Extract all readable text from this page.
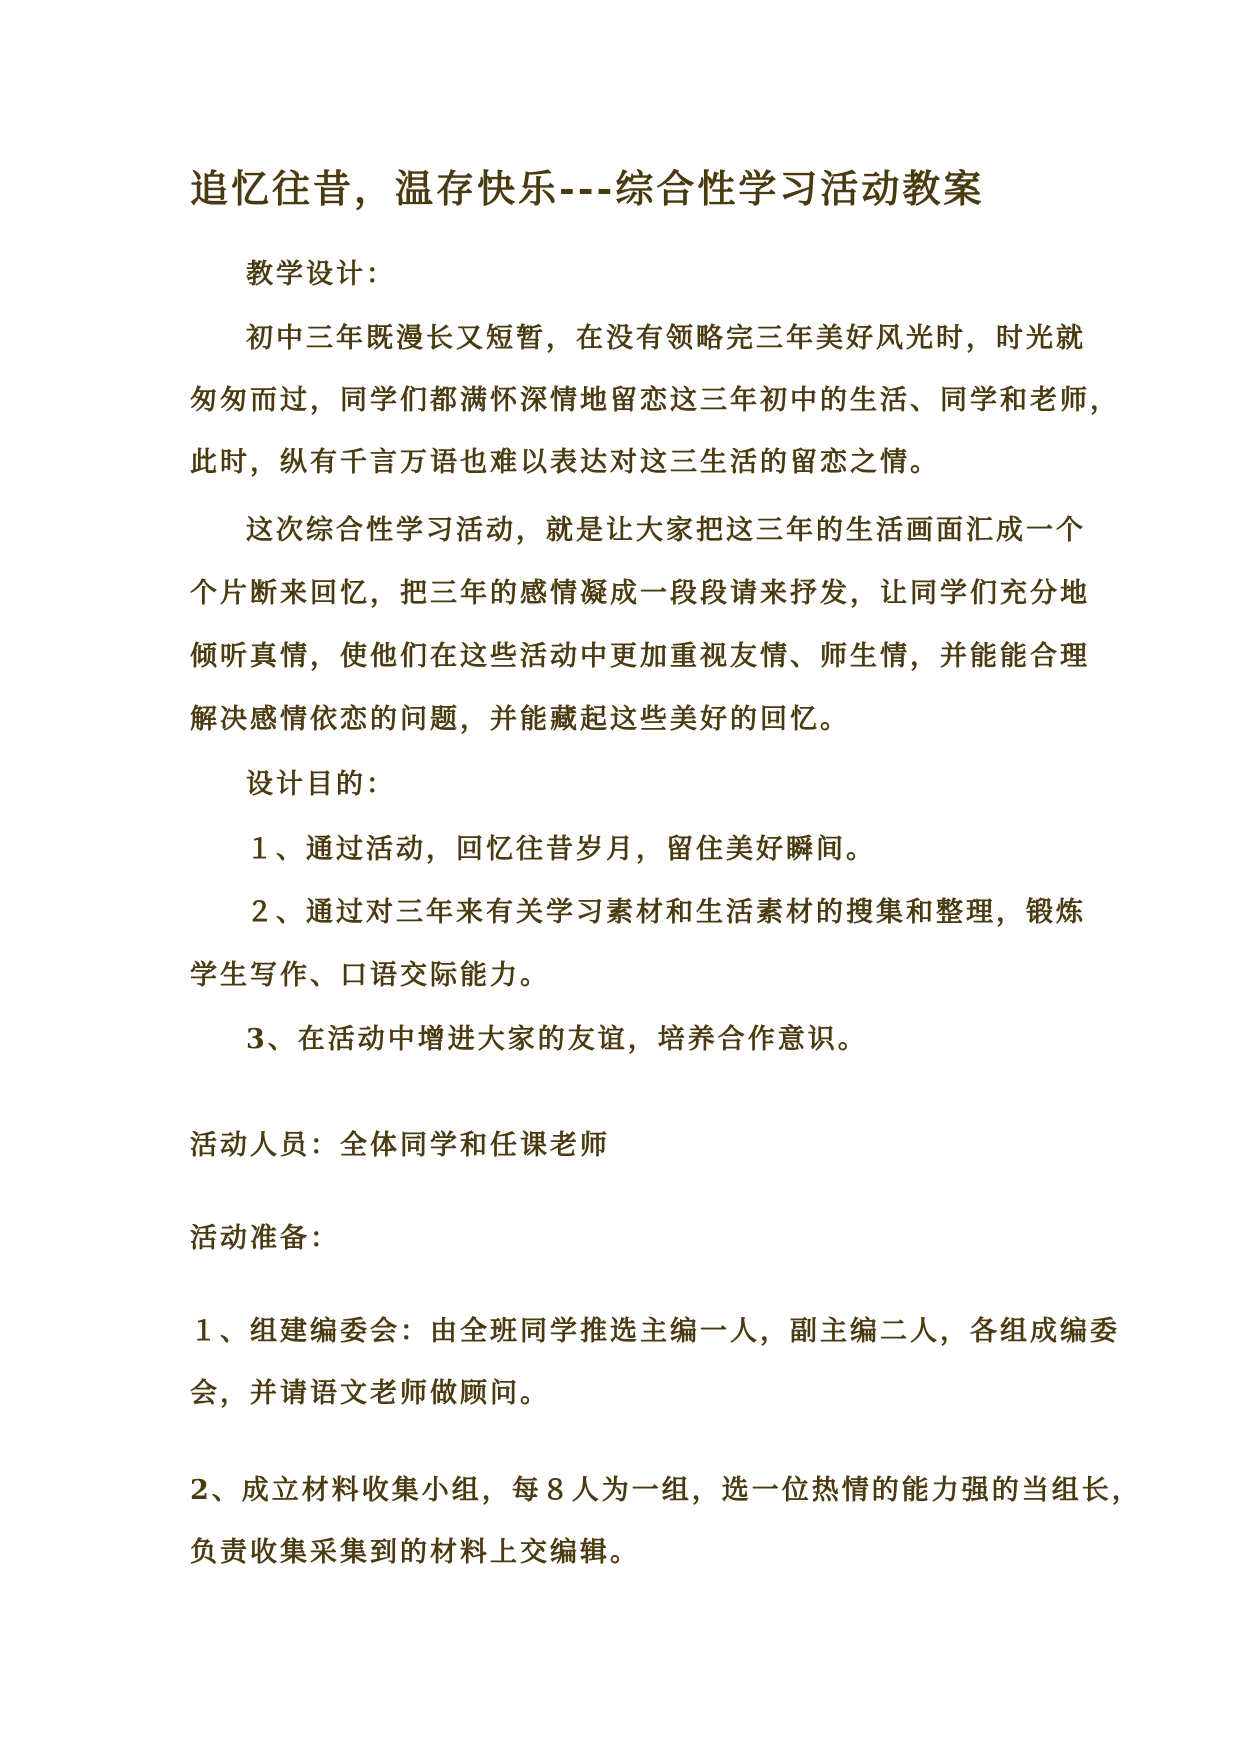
追忆往昔，温存快乐---综合性学习活动教案

教学设计：

初中三年既漫长又短暂，在没有领略完三年美好风光时，时光就

匆匆而过，同学们都满怀深情地留恋这三年初中的生活、同学和老师，

此时，纵有千言万语也难以表达对这三生活的留恋之情。

这次综合性学习活动，就是让大家把这三年的生活画面汇成一个

个片断来回忆，把三年的感情凝成一段段请来抒发，让同学们充分地

倾听真情，使他们在这些活动中更加重视友情、师生情，并能能合理

解决感情依恋的问题，并能藏起这些美好的回忆。

设计目的：

１、通过活动，回忆往昔岁月，留住美好瞬间。

２、通过对三年来有关学习素材和生活素材的搜集和整理，锻炼

学生写作、口语交际能力。

3、在活动中增进大家的友谊，培养合作意识。

活动人员：全体同学和任课老师

活动准备：

１、组建编委会：由全班同学推选主编一人，副主编二人，各组成编委

会，并请语文老师做顾问。

2、成立材料收集小组，每８人为一组，选一位热情的能力强的当组长，

负责收集采集到的材料上交编辑。
